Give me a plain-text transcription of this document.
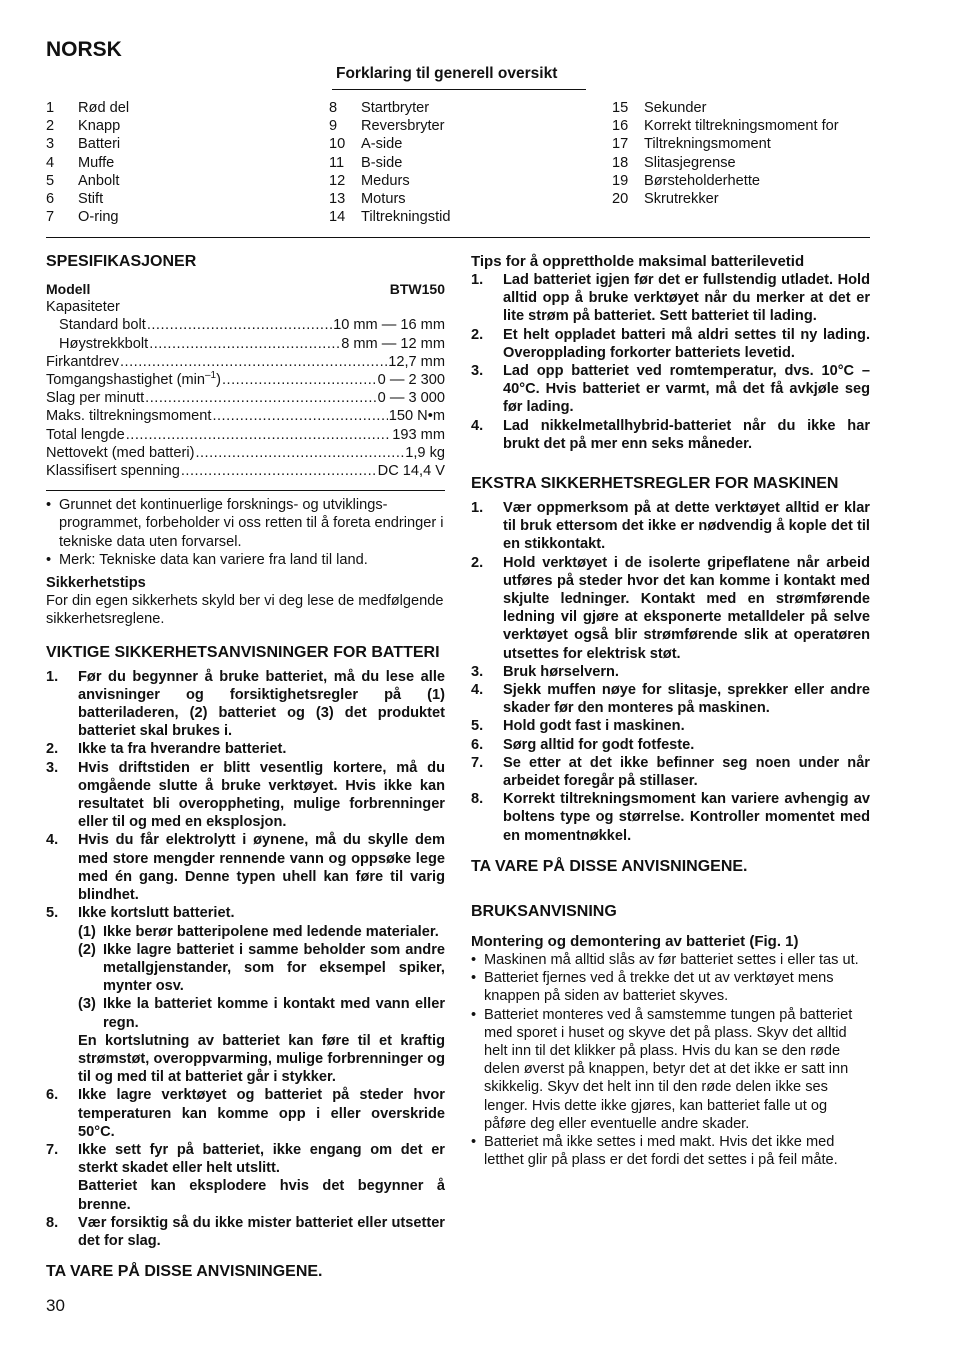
NORSK
Forklaring til generell oversikt
1	Rød del
2	Knapp
3	Batteri
4	Muffe
5	Anbolt
6	Stift
7	O-ring
8	Startbryter
9	Reversbryter
10	A-side
11	B-side
12	Medurs
13	Moturs
14	Tiltrekningstid
15	Sekunder
16	Korrekt tiltrekningsmoment for
17	Tiltrekningsmoment
18	Slitasjegrense
19	Børsteholderhette
20	Skrutrekker
SPESIFIKASJONER
Modell	BTW150
Kapasiteter
Standard bolt .....	10 mm — 16 mm
Høystrekkbolt .....	8 mm — 12 mm
Firkantdrev .....	12,7 mm
Tomgangshastighet $(\min^{-1})$ .....	0 — 2 300
Slag per minutt .....	0 — 3 000
Maks. tiltrekningsmoment .....	150 N•m
Total lengde .....	193 mm
Nettovekt (med batteri) .....	1,9 kg
Klassifisert spenning .....	DC 14,4 V
• Grunnet det kontinuerlige forsknings- og utviklings-programmet, forbeholder vi oss retten til å foreta endringer i tekniske data uten forvarsel.
• Merk: Tekniske data kan variere fra land til land.
Sikkerhetstips
For din egen sikkerhets skyld ber vi deg lese de medfølgende sikkerhetsreglene.
VIKTIGE SIKKERHETSANVISNINGER FOR BATTERI
1.	Før du begynner å bruke batteriet, må du lese alle anvisninger og forsiktighetsregler på (1) batteriladeren, (2) batteriet og (3) det produktet batteriet skal brukes i.
2.	Ikke ta fra hverandre batteriet.
3.	Hvis driftstiden er blitt vesentlig kortere, må du omgående slutte å bruke verktøyet. Hvis ikke kan resultatet bli overoppheting, mulige forbrenninger eller til og med en eksplosjon.
4.	Hvis du får elektrolytt i øynene, må du skylle dem med store mengder rennende vann og oppsøke lege med én gang. Denne typen uhell kan føre til varig blindhet.
5.	Ikke kortslutt batteriet.
(1) Ikke berør batteripolene med ledende materialer.
(2) Ikke lagre batteriet i samme beholder som andre metallgjenstander, som for eksempel spiker, mynter osv.
(3) Ikke la batteriet komme i kontakt med vann eller regn.
En kortslutning av batteriet kan føre til et kraftig strømstøt, overoppvarming, mulige forbrenninger og til og med til at batteriet går i stykker.
6.	Ikke lagre verktøyet og batteriet på steder hvor temperaturen kan komme opp i eller overskride 50°C.
7.	Ikke sett fyr på batteriet, ikke engang om det er sterkt skadet eller helt utslitt.
Batteriet kan eksplodere hvis det begynner å brenne.
8.	Vær forsiktig så du ikke mister batteriet eller utsetter det for slag.
TA VARE PÅ DISSE ANVISNINGENE.
Tips for å opprettholde maksimal batterilevetid
1.	Lad batteriet igjen før det er fullstendig utladet. Hold alltid opp å bruke verktøyet når du merker at det er lite strøm på batteriet. Sett batteriet til lading.
2.	Et helt oppladet batteri må aldri settes til ny lading. Overopplading forkorter batteriets levetid.
3.	Lad opp batteriet ved romtemperatur, dvs. 10°C – 40°C. Hvis batteriet er varmt, må det få avkjøle seg før lading.
4.	Lad nikkelmetallhybrid-batteriet når du ikke har brukt det på mer enn seks måneder.
EKSTRA SIKKERHETSREGLER FOR MASKINEN
1.	Vær oppmerksom på at dette verktøyet alltid er klar til bruk ettersom det ikke er nødvendig å kople det til en stikkontakt.
2.	Hold verktøyet i de isolerte gripeflatene når arbeid utføres på steder hvor det kan komme i kontakt med skjulte ledninger. Kontakt med en strømførende ledning vil gjøre at eksponerte metalldeler på selve verktøyet også blir strømførende slik at operatøren utsettes for elektrisk støt.
3.	Bruk hørselvern.
4.	Sjekk muffen nøye for slitasje, sprekker eller andre skader før den monteres på maskinen.
5.	Hold godt fast i maskinen.
6.	Sørg alltid for godt fotfeste.
7.	Se etter at det ikke befinner seg noen under når arbeidet foregår på stillaser.
8.	Korrekt tiltrekningsmoment kan variere avhengig av boltens type og størrelse. Kontroller momentet med en momentnøkkel.
TA VARE PÅ DISSE ANVISNINGENE.
BRUKSANVISNING
Montering og demontering av batteriet (Fig. 1)
• Maskinen må alltid slås av før batteriet settes i eller tas ut.
• Batteriet fjernes ved å trekke det ut av verktøyet mens knappen på siden av batteriet skyves.
• Batteriet monteres ved å samstemme tungen på batteriet med sporet i huset og skyve det på plass. Skyv det alltid helt inn til det klikker på plass. Hvis du kan se den røde delen øverst på knappen, betyr det at det ikke er satt inn skikkelig. Skyv det helt inn til den røde delen ikke ses lenger. Hvis dette ikke gjøres, kan batteriet falle ut og påføre deg eller eventuelle andre skader.
• Batteriet må ikke settes i med makt. Hvis det ikke med letthet glir på plass er det fordi det settes i på feil måte.
30
